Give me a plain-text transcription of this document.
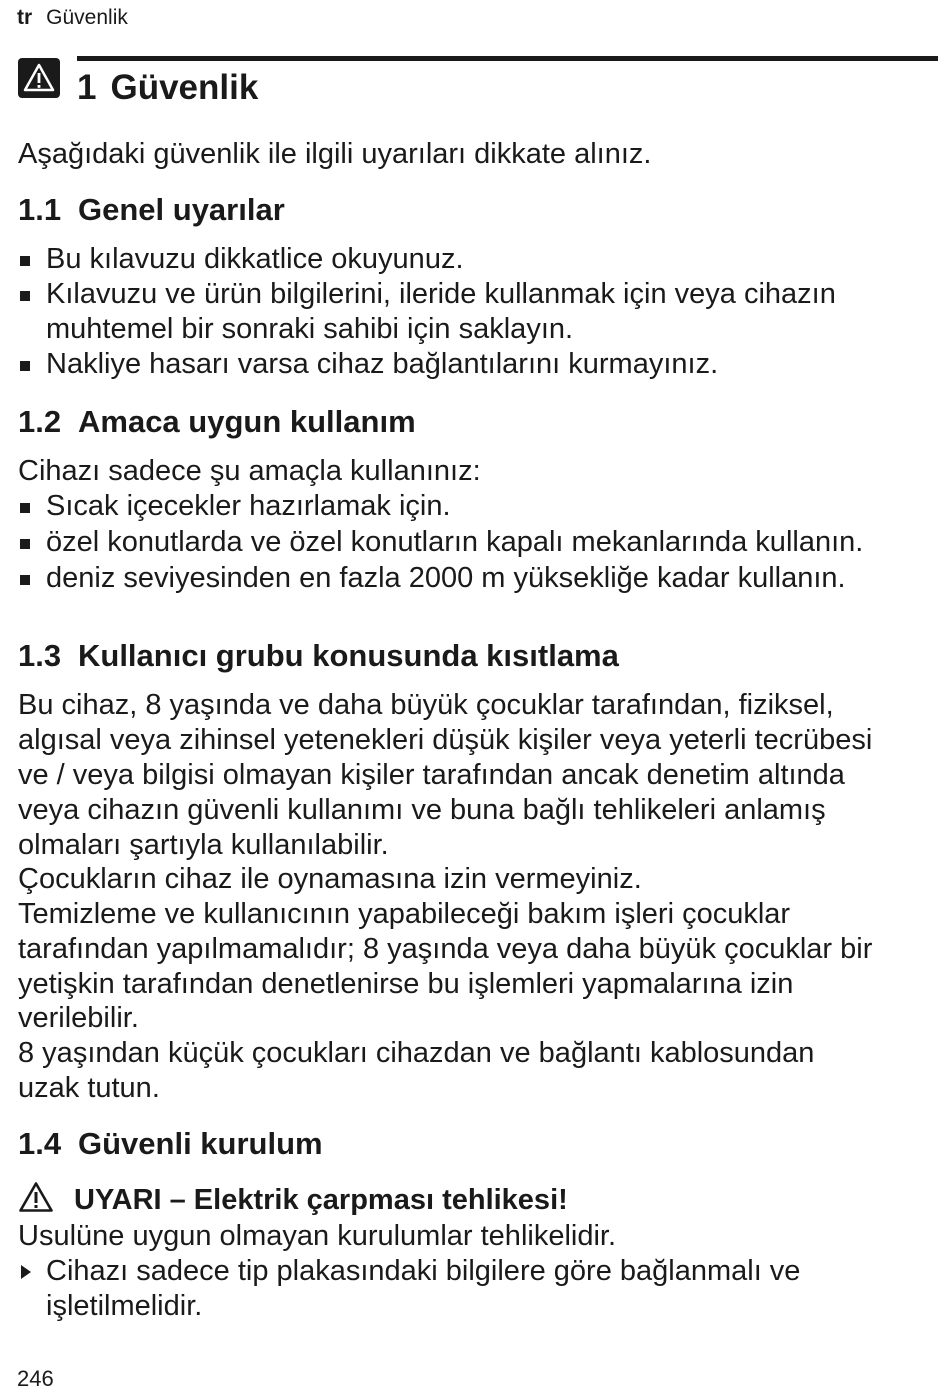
tr Güvenlik
1 Güvenlik
Aşağıdaki güvenlik ile ilgili uyarıları dikkate alınız.
1.1 Genel uyarılar
Bu kılavuzu dikkatlice okuyunuz.
Kılavuzu ve ürün bilgilerini, ileride kullanmak için veya cihazın
muhtemel bir sonraki sahibi için saklayın.
Nakliye hasarı varsa cihaz bağlantılarını kurmayınız.
1.2 Amaca uygun kullanım
Cihazı sadece şu amaçla kullanınız:
Sıcak içecekler hazırlamak için.
özel konutlarda ve özel konutların kapalı mekanlarında kullanın.
deniz seviyesinden en fazla 2000 m yüksekliğe kadar kullanın.
1.3 Kullanıcı grubu konusunda kısıtlama
Bu cihaz, 8 yaşında ve daha büyük çocuklar tarafından, fiziksel,
algısal veya zihinsel yetenekleri düşük kişiler veya yeterli tecrübesi
ve / veya bilgisi olmayan kişiler tarafından ancak denetim altında
veya cihazın güvenli kullanımı ve buna bağlı tehlikeleri anlamış
olmaları şartıyla kullanılabilir.
Çocukların cihaz ile oynamasına izin vermeyiniz.
Temizleme ve kullanıcının yapabileceği bakım işleri çocuklar
tarafından yapılmamalıdır; 8 yaşında veya daha büyük çocuklar bir
yetişkin tarafından denetlenirse bu işlemleri yapmalarına izin
verilebilir.
8 yaşından küçük çocukları cihazdan ve bağlantı kablosundan
uzak tutun.
1.4 Güvenli kurulum
UYARI – Elektrik çarpması tehlikesi!
Usulüne uygun olmayan kurulumlar tehlikelidir.
Cihazı sadece tip plakasındaki bilgilere göre bağlanmalı ve
işletilmelidir.
246
